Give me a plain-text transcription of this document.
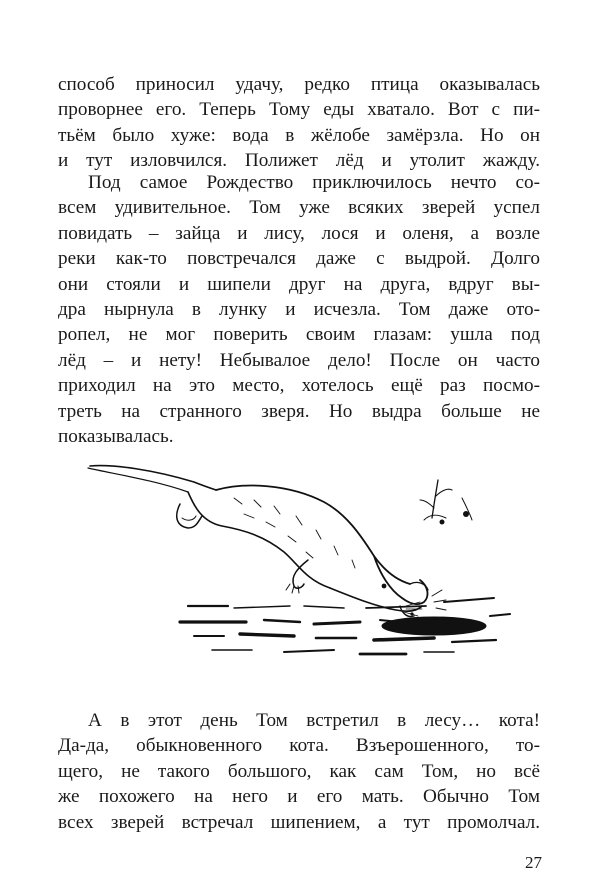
способ приносил удачу, редко птица оказывалась
проворнее его. Теперь Тому еды хватало. Вот с пи-
тьём было хуже: вода в жёлобе замёрзла. Но он
и тут изловчился. Полижет лёд и утолит жажду.

Под самое Рождество приключилось нечто со-
всем удивительное. Том уже всяких зверей успел
повидать – зайца и лису, лося и оленя, а возле
реки как-то повстречался даже с выдрой. Долго
они стояли и шипели друг на друга, вдруг вы-
дра нырнула в лунку и исчезла. Том даже ото-
ропел, не мог поверить своим глазам: ушла под
лёд – и нету! Небывалое дело! После он часто
приходил на это место, хотелось ещё раз посмо-
треть на странного зверя. Но выдра больше не
показывалась.

А в этот день Том встретил в лесу… кота!
Да-да, обыкновенного кота. Взъерошенного, то-
щего, не такого большого, как сам Том, но всё
же похожего на него и его мать. Обычно Том
всех зверей встречал шипением, а тут промолчал.

27
